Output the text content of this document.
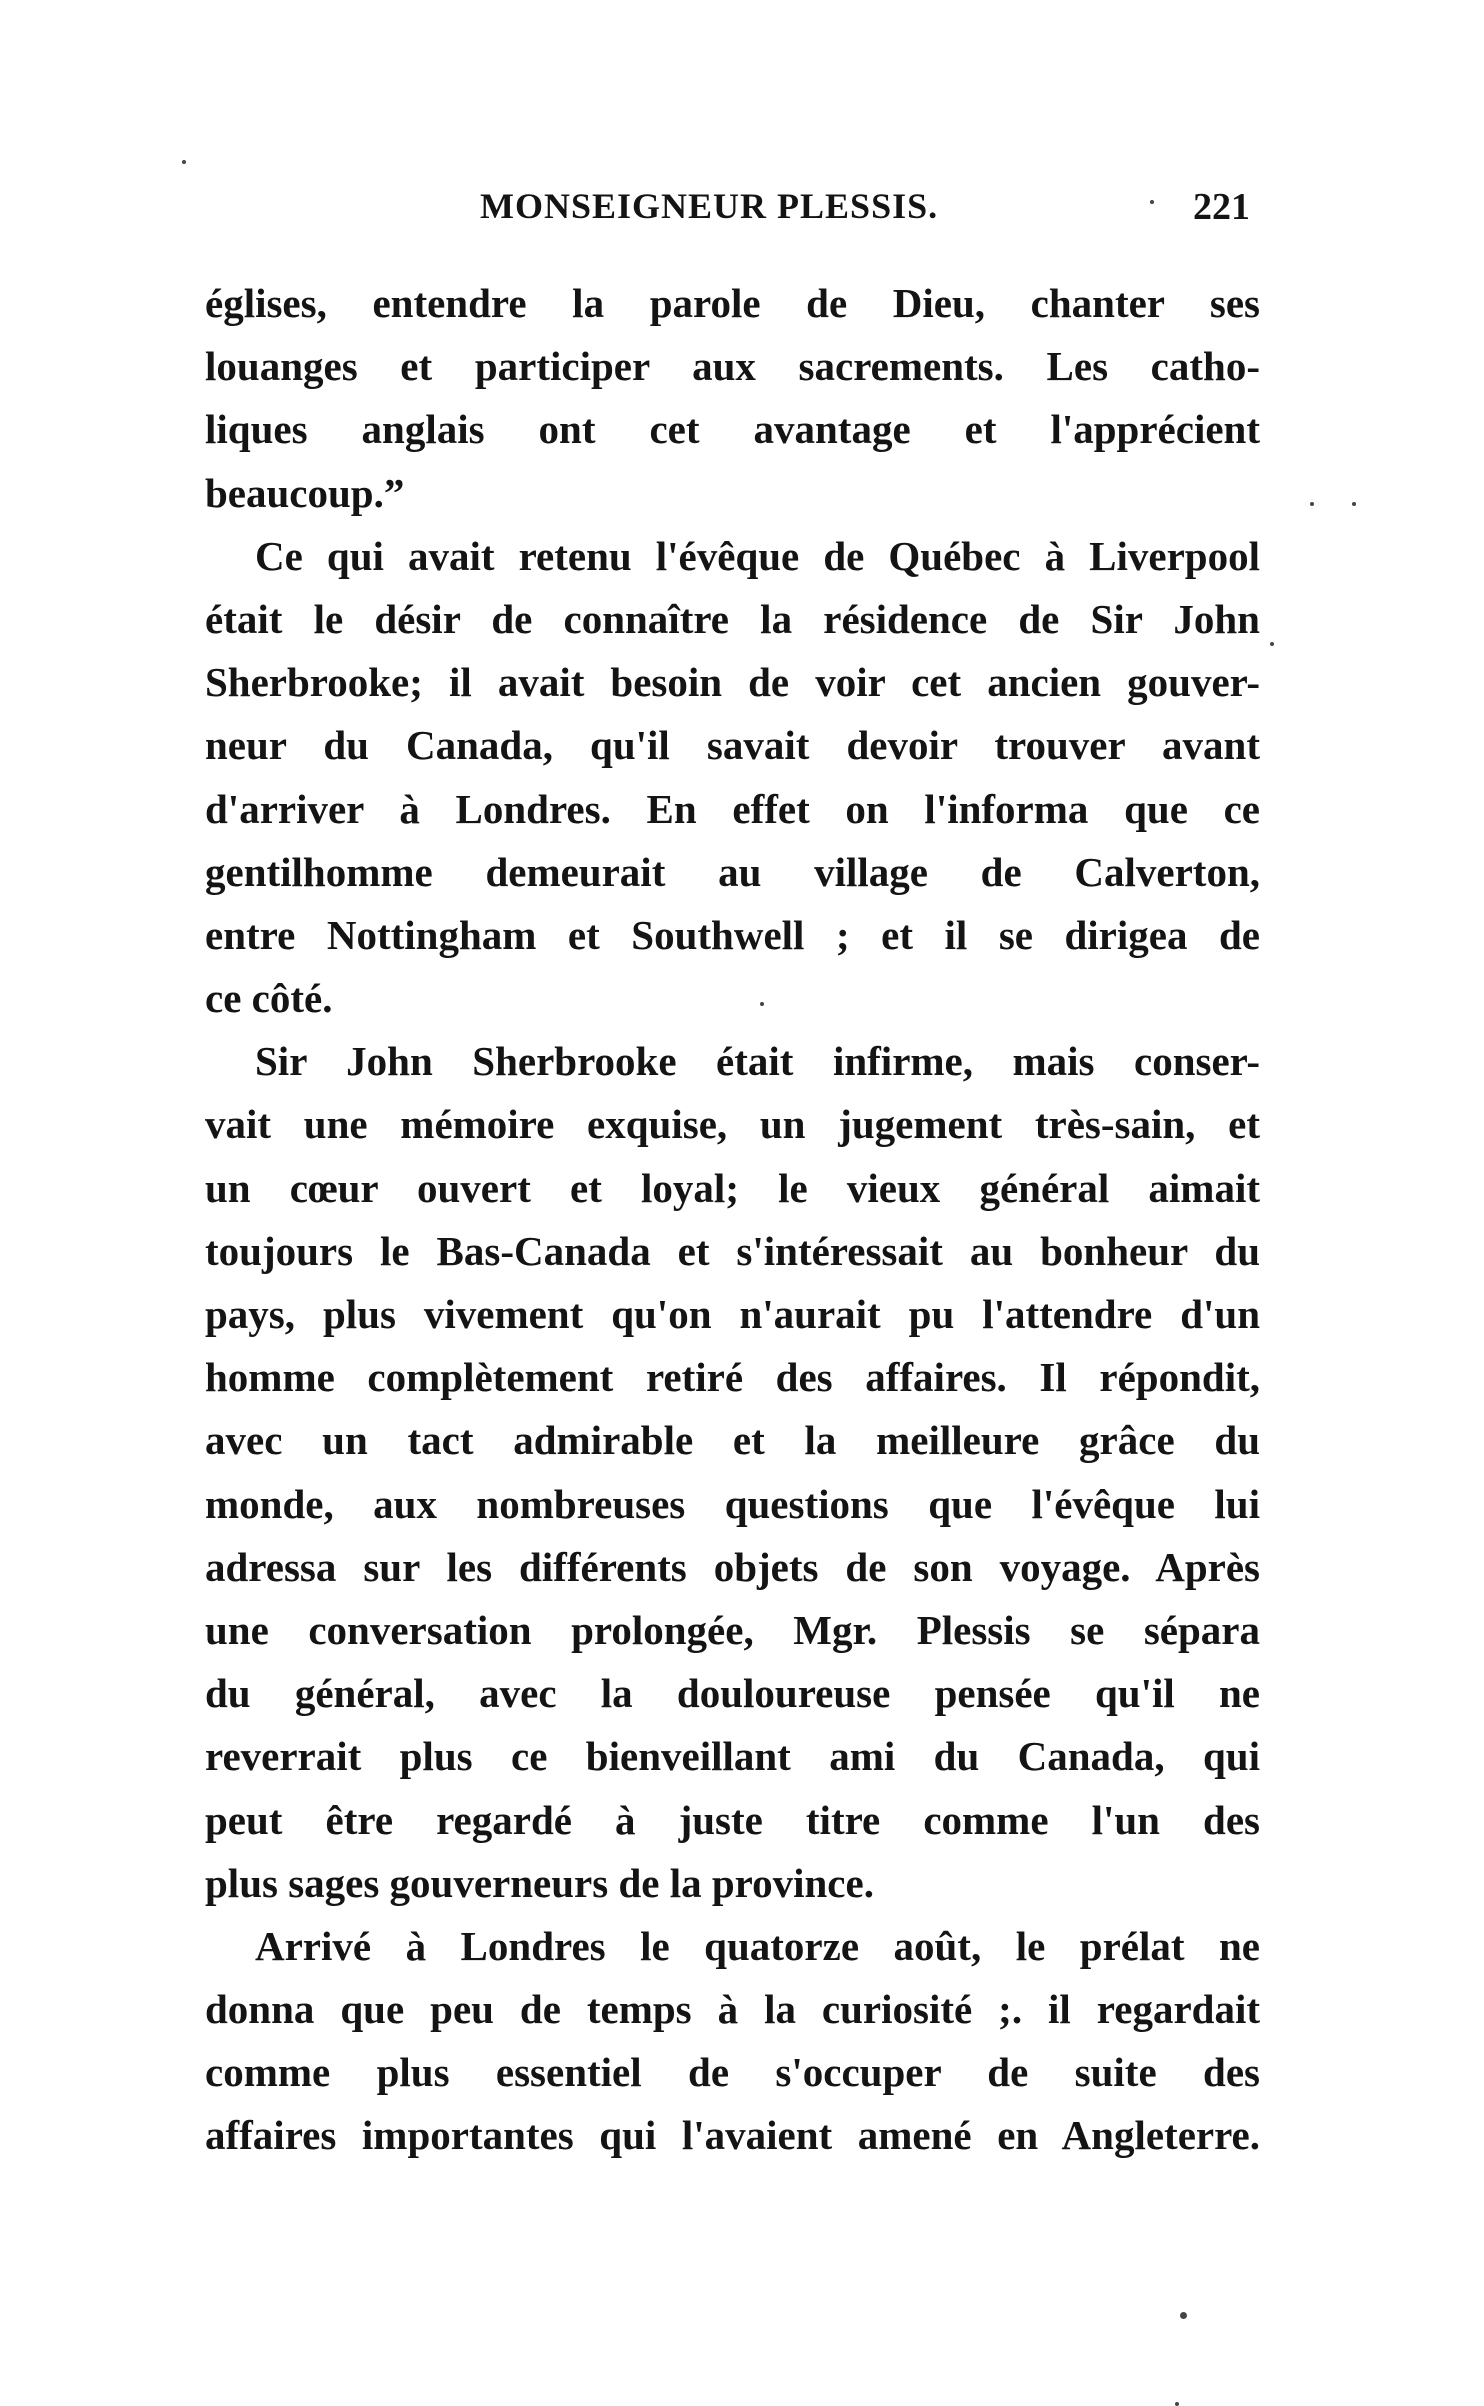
MONSEIGNEUR PLESSIS.	221
églises, entendre la parole de Dieu, chanter ses
louanges et participer aux sacrements. Les catho-
liques anglais ont cet avantage et l'apprécient
beaucoup.”
Ce qui avait retenu l'évêque de Québec à Liverpool
était le désir de connaître la résidence de Sir John
Sherbrooke; il avait besoin de voir cet ancien gouver-
neur du Canada, qu'il savait devoir trouver avant
d'arriver à Londres. En effet on l'informa que ce
gentilhomme demeurait au village de Calverton,
entre Nottingham et Southwell ; et il se dirigea de
ce côté.
Sir John Sherbrooke était infirme, mais conser-
vait une mémoire exquise, un jugement très-sain, et
un cœur ouvert et loyal; le vieux général aimait
toujours le Bas-Canada et s'intéressait au bonheur du
pays, plus vivement qu'on n'aurait pu l'attendre d'un
homme complètement retiré des affaires. Il répondit,
avec un tact admirable et la meilleure grâce du
monde, aux nombreuses questions que l'évêque lui
adressa sur les différents objets de son voyage. Après
une conversation prolongée, Mgr. Plessis se sépara
du général, avec la douloureuse pensée qu'il ne
reverrait plus ce bienveillant ami du Canada, qui
peut être regardé à juste titre comme l'un des
plus sages gouverneurs de la province.
Arrivé à Londres le quatorze août, le prélat ne
donna que peu de temps à la curiosité ;. il regardait
comme plus essentiel de s'occuper de suite des
affaires importantes qui l'avaient amené en Angleterre.
